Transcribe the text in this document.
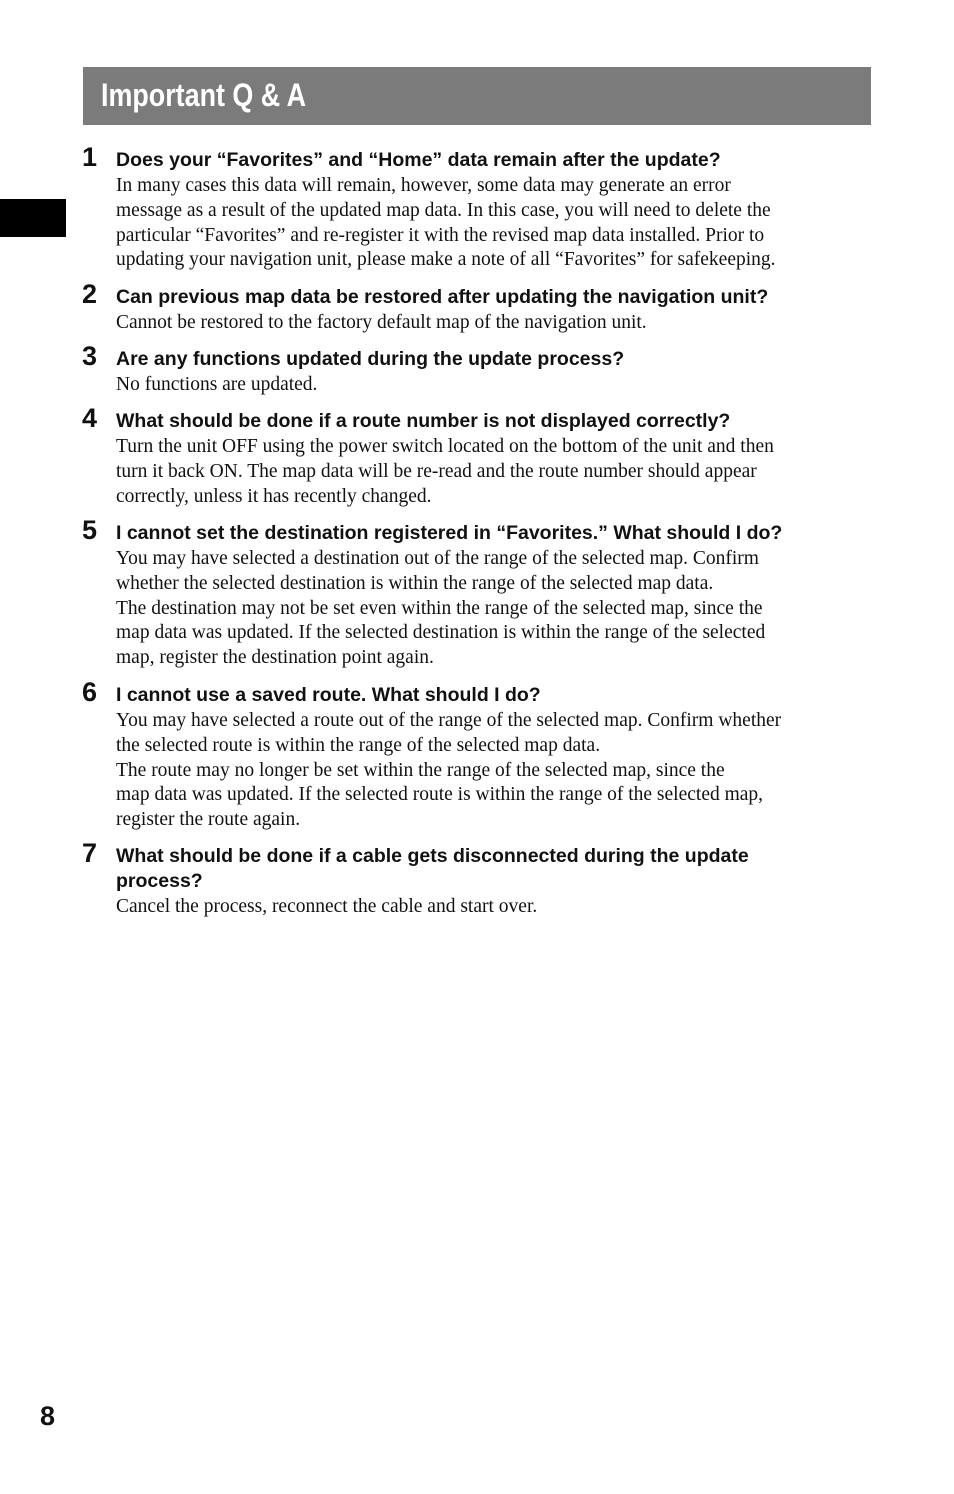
Important Q & A
1 Does your “Favorites” and “Home” data remain after the update?
In many cases this data will remain, however, some data may generate an error
message as a result of the updated map data. In this case, you will need to delete the
particular “Favorites” and re-register it with the revised map data installed. Prior to
updating your navigation unit, please make a note of all “Favorites” for safekeeping.
2 Can previous map data be restored after updating the navigation unit?
Cannot be restored to the factory default map of the navigation unit.
3 Are any functions updated during the update process?
No functions are updated.
4 What should be done if a route number is not displayed correctly?
Turn the unit OFF using the power switch located on the bottom of the unit and then
turn it back ON. The map data will be re-read and the route number should appear
correctly, unless it has recently changed.
5 I cannot set the destination registered in “Favorites.” What should I do?
You may have selected a destination out of the range of the selected map. Confirm
whether the selected destination is within the range of the selected map data.
The destination may not be set even within the range of the selected map, since the
map data was updated. If the selected destination is within the range of the selected
map, register the destination point again.
6 I cannot use a saved route. What should I do?
You may have selected a route out of the range of the selected map. Confirm whether
the selected route is within the range of the selected map data.
The route may no longer be set within the range of the selected map, since the
map data was updated. If the selected route is within the range of the selected map,
register the route again.
7 What should be done if a cable gets disconnected during the update
process?
Cancel the process, reconnect the cable and start over.
8
